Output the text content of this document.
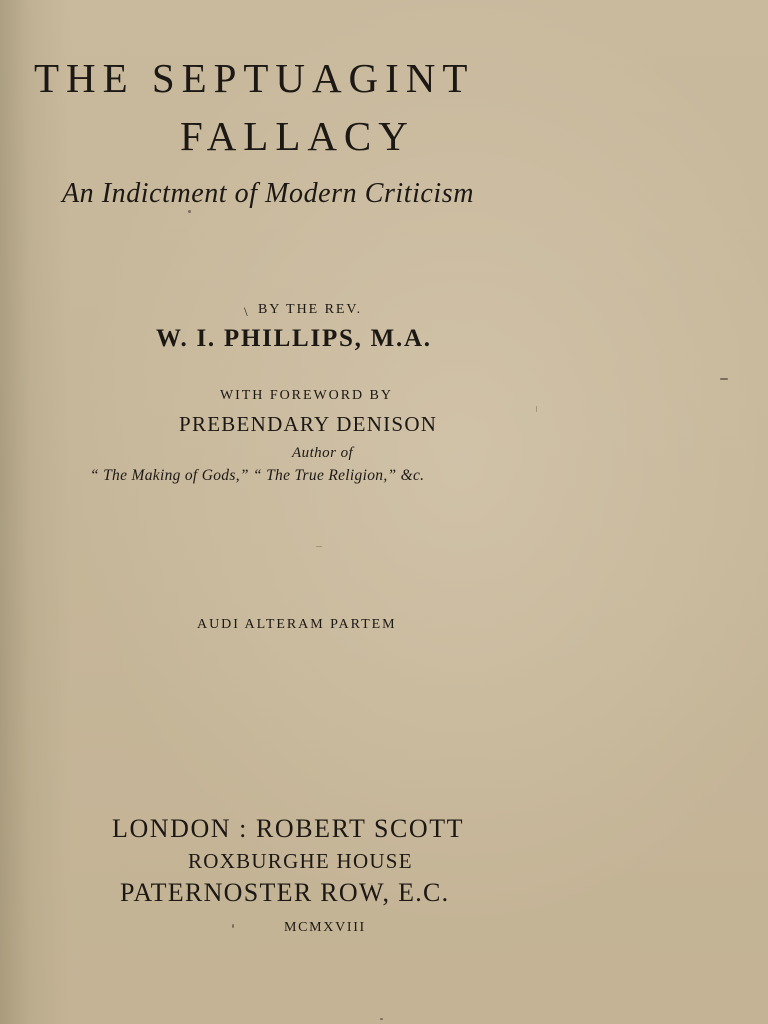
THE SEPTUAGINT
FALLACY
An Indictment of Modern Criticism
\ BY THE REV.
W. I. PHILLIPS, M.A.
WITH FOREWORD BY
PREBENDARY DENISON
Author of
“ The Making of Gods,” “ The True Religion,” &c.
AUDI ALTERAM PARTEM
LONDON : ROBERT SCOTT
ROXBURGHE HOUSE
PATERNOSTER ROW, E.C.
MCMXVIII
